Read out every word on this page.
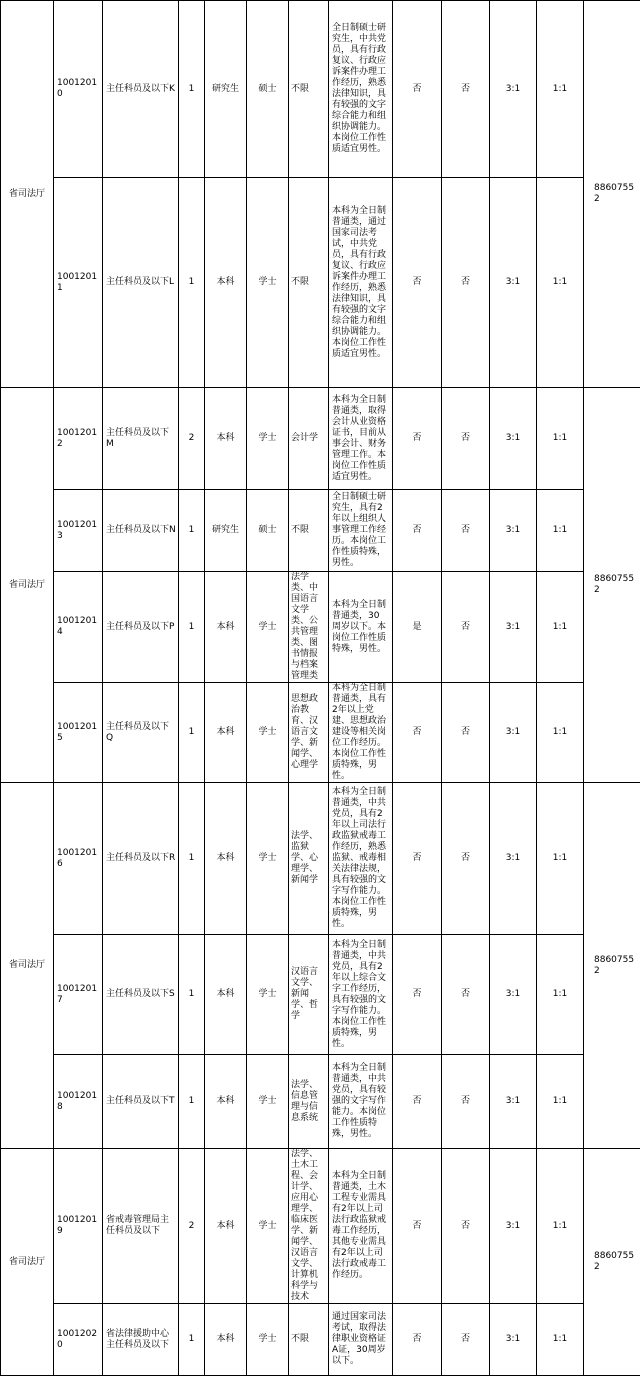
省司法厅	10012010	主任科员及以下K	1	研究生	硕士	不限	全日制硕士研究生，中共党员，具有行政复议、行政应诉案件办理工作经历，熟悉法律知识，具有较强的文字综合能力和组织协调能力。本岗位工作性质适宜男性。	否	否	3:1	1:1	88607552
	10012011	主任科员及以下L	1	本科	学士	不限	本科为全日制普通类，通过国家司法考试，中共党员，具有行政复议、行政应诉案件办理工作经历，熟悉法律知识，具有较强的文字综合能力和组织协调能力。本岗位工作性质适宜男性。	否	否	3:1	1:1	
省司法厅	10012012	主任科员及以下M	2	本科	学士	会计学	本科为全日制普通类，取得会计从业资格证书，目前从事会计、财务管理工作。本岗位工作性质适宜男性。	否	否	3:1	1:1	88607552
	10012013	主任科员及以下N	1	研究生	硕士	不限	全日制硕士研究生，具有2年以上组织人事管理工作经历。本岗位工作性质特殊，男性。	否	否	3:1	1:1	
	10012014	主任科员及以下P	1	本科	学士	法学类、中国语言文学类、公共管理类、图书情报与档案管理类	本科为全日制普通类，30周岁以下。本岗位工作性质特殊，男性。	是	否	3:1	1:1	
	10012015	主任科员及以下Q	1	本科	学士	思想政治教育、汉语言文学、新闻学、心理学	本科为全日制普通类，具有2年以上党建、思想政治建设等相关岗位工作经历。本岗位工作性质特殊，男性。	否	否	3:1	1:1	
省司法厅	10012016	主任科员及以下R	1	本科	学士	法学、监狱学、心理学、新闻学	本科为全日制普通类，中共党员，具有2年以上司法行政监狱戒毒工作经历，熟悉监狱、戒毒相关法律法规，具有较强的文字写作能力。本岗位工作性质特殊，男性。	否	否	3:1	1:1	88607552
	10012017	主任科员及以下S	1	本科	学士	汉语言文学、新闻学、哲学	本科为全日制普通类，中共党员，具有2年以上综合文字工作经历，具有较强的文字写作能力。本岗位工作性质特殊，男性。	否	否	3:1	1:1	
	10012018	主任科员及以下T	1	本科	学士	法学、信息管理与信息系统	本科为全日制普通类，中共党员，具有较强的文字写作能力。本岗位工作性质特殊，男性。	否	否	3:1	1:1	
省司法厅	10012019	省戒毒管理局主任科员及以下	2	本科	学士	法学、土木工程、会计学、应用心理学、临床医学、新闻学、汉语言文学、计算机科学与技术	本科为全日制普通类，土木工程专业需具有2年以上司法行政监狱戒毒工作经历，其他专业需具有2年以上司法行政戒毒工作经历。	否	否	3:1	1:1	88607552
	10012020	省法律援助中心主任科员及以下	1	本科	学士	不限	通过国家司法考试，取得法律职业资格证A证，30周岁以下。	否	否	3:1	1:1	
